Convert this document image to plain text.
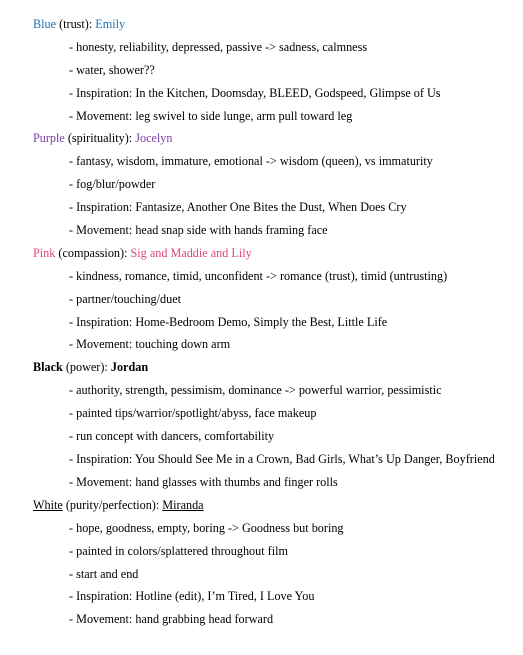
Blue (trust): Emily
- honesty, reliability, depressed, passive -> sadness, calmness
- water, shower??
- Inspiration: In the Kitchen, Doomsday, BLEED, Godspeed, Glimpse of Us
- Movement: leg swivel to side lunge, arm pull toward leg
Purple (spirituality): Jocelyn
- fantasy, wisdom, immature, emotional -> wisdom (queen), vs immaturity
- fog/blur/powder
- Inspiration: Fantasize, Another One Bites the Dust, When Does Cry
- Movement: head snap side with hands framing face
Pink (compassion): Sig and Maddie and Lily
- kindness, romance, timid, unconfident -> romance (trust), timid (untrusting)
- partner/touching/duet
- Inspiration: Home-Bedroom Demo, Simply the Best, Little Life
- Movement: touching down arm
Black (power): Jordan
- authority, strength, pessimism, dominance -> powerful warrior, pessimistic
- painted tips/warrior/spotlight/abyss, face makeup
- run concept with dancers, comfortability
- Inspiration: You Should See Me in a Crown, Bad Girls, What’s Up Danger, Boyfriend
- Movement: hand glasses with thumbs and finger rolls
White (purity/perfection): Miranda
- hope, goodness, empty, boring -> Goodness but boring
- painted in colors/splattered throughout film
- start and end
- Inspiration: Hotline (edit), I’m Tired, I Love You
- Movement: hand grabbing head forward
